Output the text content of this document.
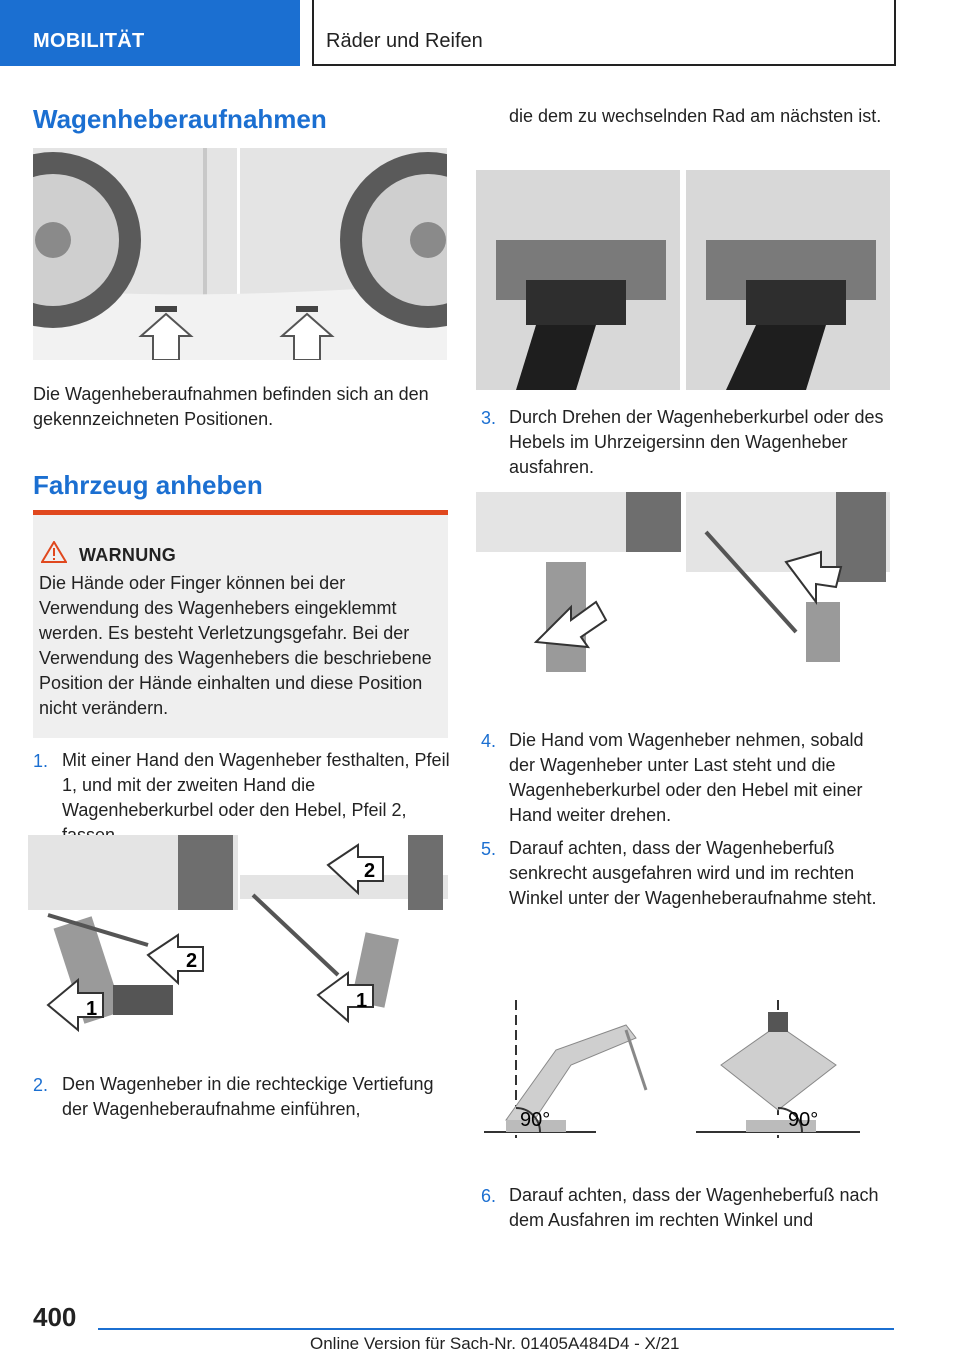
MOBILITÄT	Räder und Reifen
Wagenheberaufnahmen
Die Wagenheberaufnahmen befinden sich an den gekennzeichneten Positionen.
Fahrzeug anheben
WARNUNG
Die Hände oder Finger können bei der Verwendung des Wagenhebers eingeklemmt werden. Es besteht Verletzungsgefahr. Bei der Verwendung des Wagenhebers die beschriebene Position der Hände einhalten und diese Position nicht verändern.
1. Mit einer Hand den Wagenheber festhalten, Pfeil 1, und mit der zweiten Hand die Wagenheberkurbel oder den Hebel, Pfeil 2,
1
2
1
2
2. Den Wagenheber in die rechteckige Vertiefung der Wagenheberaufnahme einführen,
die dem zu wechselnden Rad am nächsten ist.
3. Durch Drehen der Wagenheberkurbel oder des Hebels im Uhrzeigersinn den Wagenheber ausfahren.
4. Die Hand vom Wagenheber nehmen, sobald der Wagenheber unter Last steht und die Wagenheberkurbel oder den Hebel mit einer Hand weiter drehen.
5. Darauf achten, dass der Wagenheberfuß senkrecht ausgefahren wird und im rechten Winkel unter der Wagenheberaufnahme steht.
90°	90°
6. Darauf achten, dass der Wagenheberfuß nach dem Ausfahren im rechten Winkel und
400
Online Version für Sach-Nr. 01405A484D4 - X/21
